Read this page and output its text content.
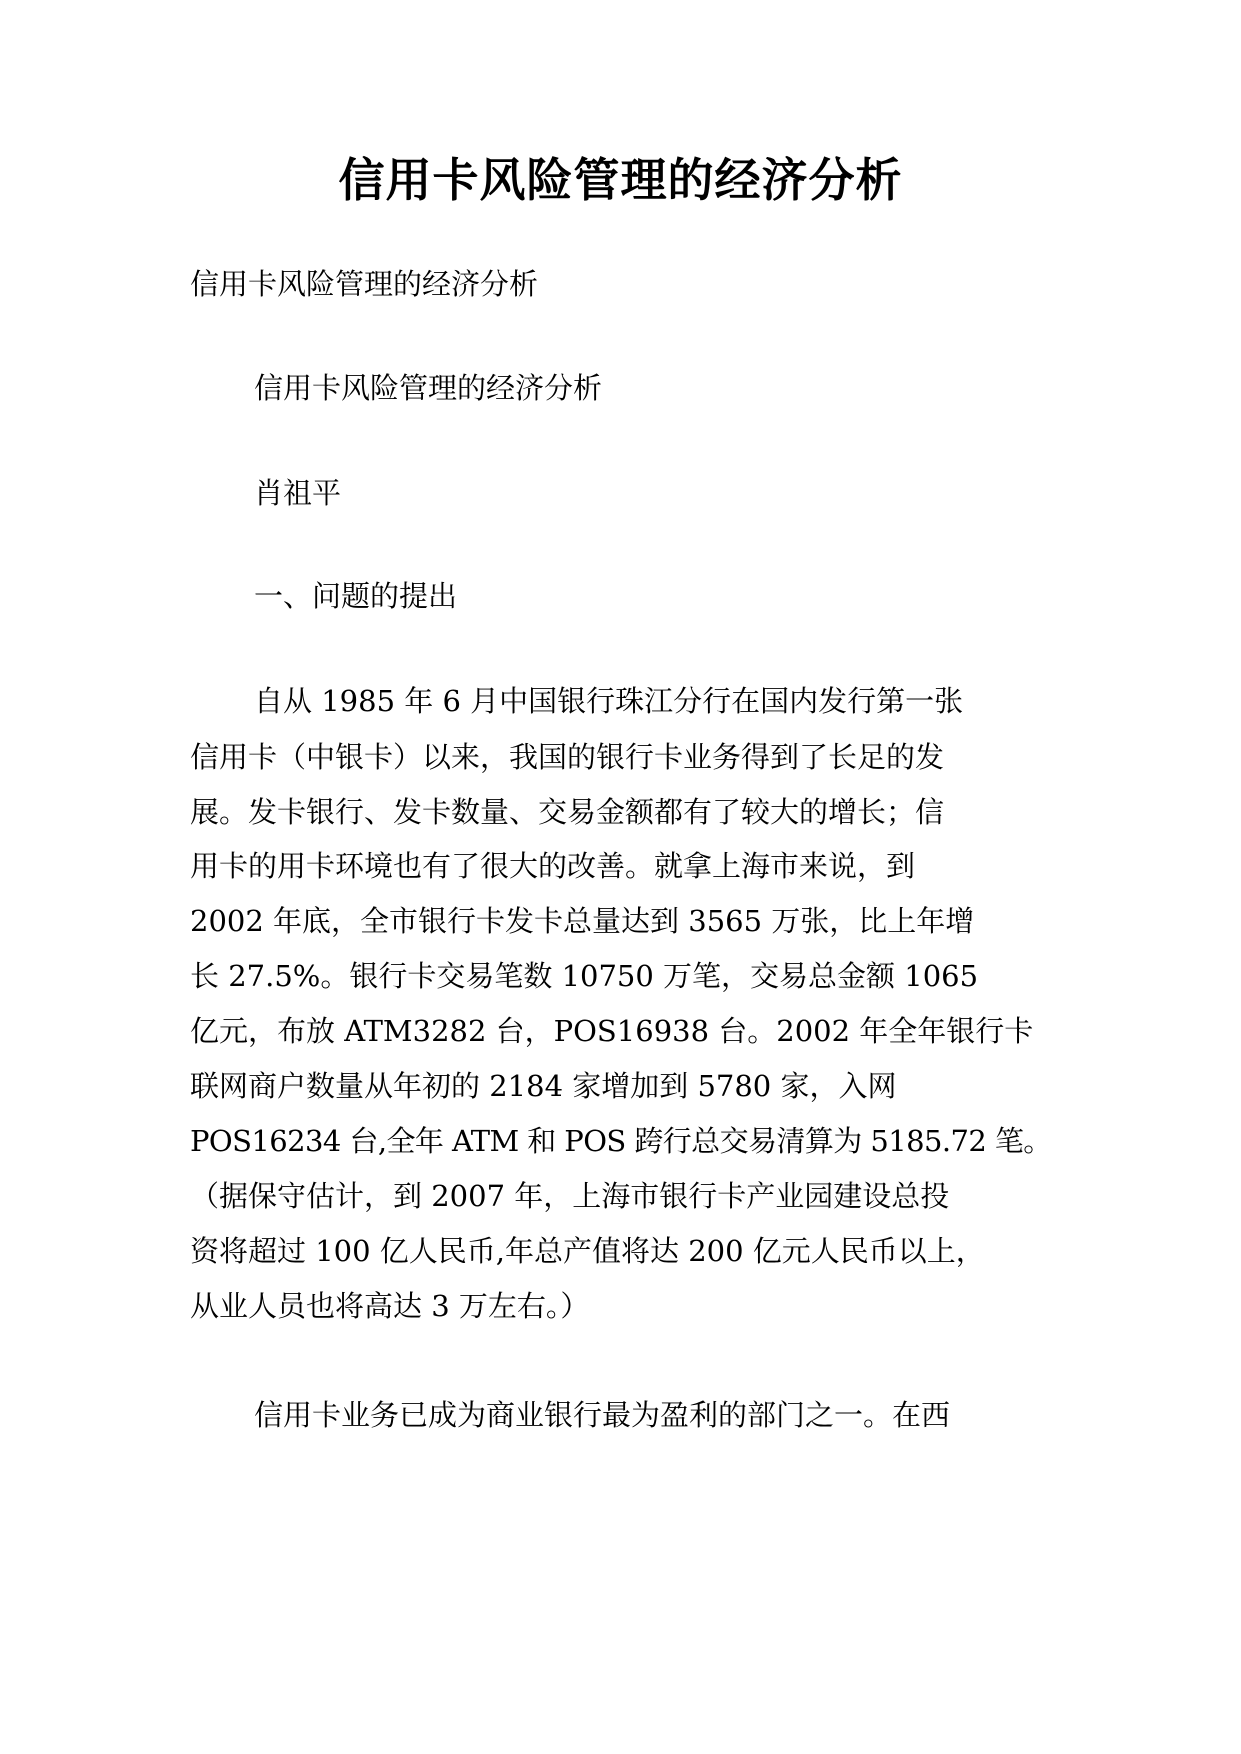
信用卡风险管理的经济分析
信用卡风险管理的经济分析
信用卡风险管理的经济分析
肖祖平
一、问题的提出
自从 1985 年 6 月中国银行珠江分行在国内发行第一张
信用卡（中银卡）以来，我国的银行卡业务得到了长足的发
展。发卡银行、发卡数量、交易金额都有了较大的增长；信
用卡的用卡环境也有了很大的改善。就拿上海市来说，到
2002 年底，全市银行卡发卡总量达到 3565 万张，比上年增
长 27.5%。银行卡交易笔数 10750 万笔，交易总金额 1065
亿元，布放 ATM3282 台，POS16938 台。2002 年全年银行卡
联网商户数量从年初的 2184 家增加到 5780 家，入网
POS16234 台,全年 ATM 和 POS 跨行总交易清算为 5185.72 笔。
（据保守估计，到 2007 年，上海市银行卡产业园建设总投
资将超过 100 亿人民币,年总产值将达 200 亿元人民币以上，
从业人员也将高达 3 万左右。）
信用卡业务已成为商业银行最为盈利的部门之一。在西
